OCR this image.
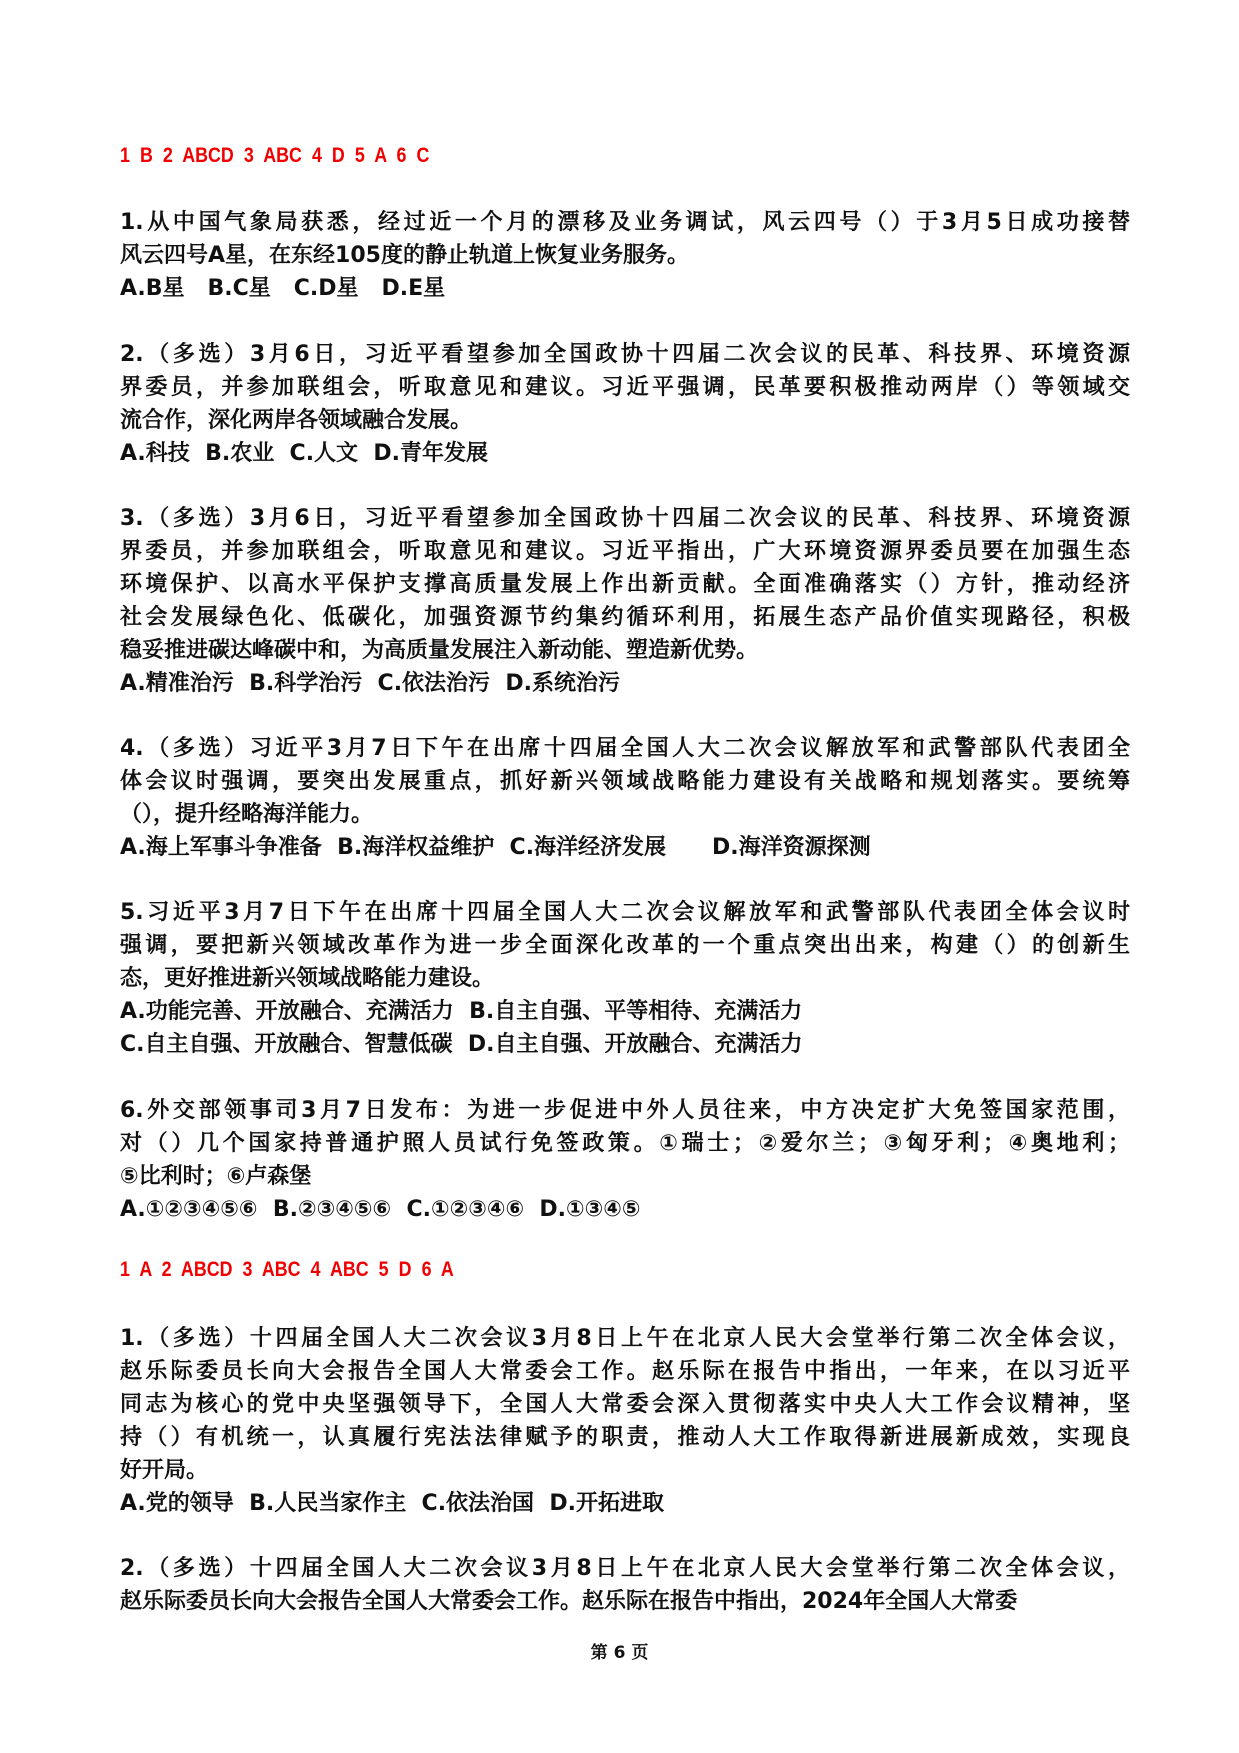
1 B 2 ABCD 3 ABC 4 D 5 A 6 C
1.从中国气象局获悉，经过近一个月的漂移及业务调试，风云四号（）于3月5日成功接替
风云四号A星，在东经105度的静止轨道上恢复业务服务。
A.B星   B.C星   C.D星   D.E星
2.（多选）3月6日，习近平看望参加全国政协十四届二次会议的民革、科技界、环境资源
界委员，并参加联组会，听取意见和建议。习近平强调，民革要积极推动两岸（）等领域交
流合作，深化两岸各领域融合发展。
A.科技  B.农业  C.人文  D.青年发展
3.（多选）3月6日，习近平看望参加全国政协十四届二次会议的民革、科技界、环境资源
界委员，并参加联组会，听取意见和建议。习近平指出，广大环境资源界委员要在加强生态
环境保护、以高水平保护支撑高质量发展上作出新贡献。全面准确落实（）方针，推动经济
社会发展绿色化、低碳化，加强资源节约集约循环利用，拓展生态产品价值实现路径，积极
稳妥推进碳达峰碳中和，为高质量发展注入新动能、塑造新优势。
A.精准治污  B.科学治污  C.依法治污  D.系统治污
4.（多选）习近平3月7日下午在出席十四届全国人大二次会议解放军和武警部队代表团全
体会议时强调，要突出发展重点，抓好新兴领域战略能力建设有关战略和规划落实。要统筹
（），提升经略海洋能力。
A.海上军事斗争准备  B.海洋权益维护  C.海洋经济发展      D.海洋资源探测
5.习近平3月7日下午在出席十四届全国人大二次会议解放军和武警部队代表团全体会议时
强调，要把新兴领域改革作为进一步全面深化改革的一个重点突出出来，构建（）的创新生
态，更好推进新兴领域战略能力建设。
A.功能完善、开放融合、充满活力  B.自主自强、平等相待、充满活力
C.自主自强、开放融合、智慧低碳  D.自主自强、开放融合、充满活力
6.外交部领事司3月7日发布：为进一步促进中外人员往来，中方决定扩大免签国家范围，
对（）几个国家持普通护照人员试行免签政策。①瑞士；②爱尔兰；③匈牙利；④奥地利；
⑤比利时；⑥卢森堡
A.①②③④⑤⑥  B.②③④⑤⑥  C.①②③④⑥  D.①③④⑤
1 A 2 ABCD 3 ABC 4 ABC 5 D 6 A
1.（多选）十四届全国人大二次会议3月8日上午在北京人民大会堂举行第二次全体会议，
赵乐际委员长向大会报告全国人大常委会工作。赵乐际在报告中指出，一年来，在以习近平
同志为核心的党中央坚强领导下，全国人大常委会深入贯彻落实中央人大工作会议精神，坚
持（）有机统一，认真履行宪法法律赋予的职责，推动人大工作取得新进展新成效，实现良
好开局。
A.党的领导  B.人民当家作主  C.依法治国  D.开拓进取
2.（多选）十四届全国人大二次会议3月8日上午在北京人民大会堂举行第二次全体会议，
赵乐际委员长向大会报告全国人大常委会工作。赵乐际在报告中指出，2024年全国人大常委
第 6 页
